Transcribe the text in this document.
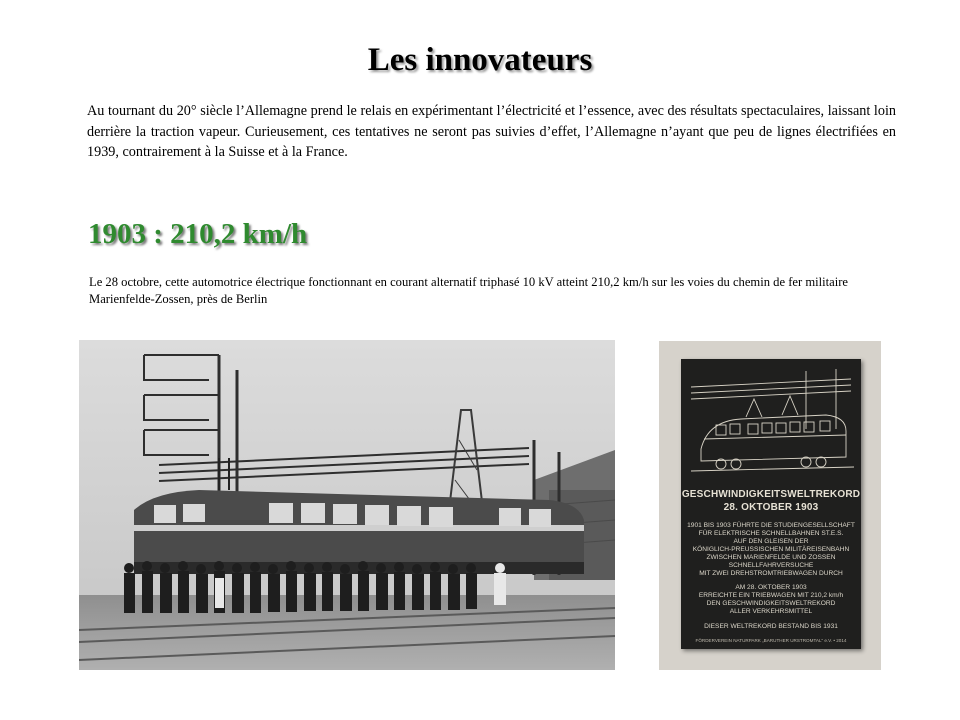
Les innovateurs

Au tournant du 20° siècle l’Allemagne prend le relais en expérimentant l’électricité et l’essence, avec des résultats spectaculaires, laissant loin derrière la traction vapeur. Curieusement, ces tentatives ne seront pas suivies d’effet, l’Allemagne n’ayant que peu de lignes électrifiées en 1939, contrairement à la Suisse et à la France.

1903 : 210,2 km/h

Le 28 octobre, cette automotrice électrique fonctionnant en courant alternatif triphasé 10 kV atteint 210,2 km/h sur les voies du chemin de fer militaire Marienfelde-Zossen, près de Berlin

GESCHWINDIGKEITSWELTREKORD
28. OKTOBER 1903
1901 BIS 1903 FÜHRTE DIE STUDIENGESELLSCHAFT
FÜR ELEKTRISCHE SCHNELLBAHNEN ST.E.S.
AUF DEN GLEISEN DER
KÖNIGLICH-PREUSSISCHEN MILITÄREISENBAHN
ZWISCHEN MARIENFELDE UND ZOSSEN
SCHNELLFAHRVERSUCHE
MIT ZWEI DREHSTROMTRIEBWAGEN DURCH
AM 28. OKTOBER 1903
ERREICHTE EIN TRIEBWAGEN MIT 210,2 km/h
DEN GESCHWINDIGKEITSWELTREKORD
ALLER VERKEHRSMITTEL
DIESER WELTREKORD BESTAND BIS 1931
FÖRDERVEREIN NATURPARK „BARUTHER URSTROMTAL“ e.V. • 2014
